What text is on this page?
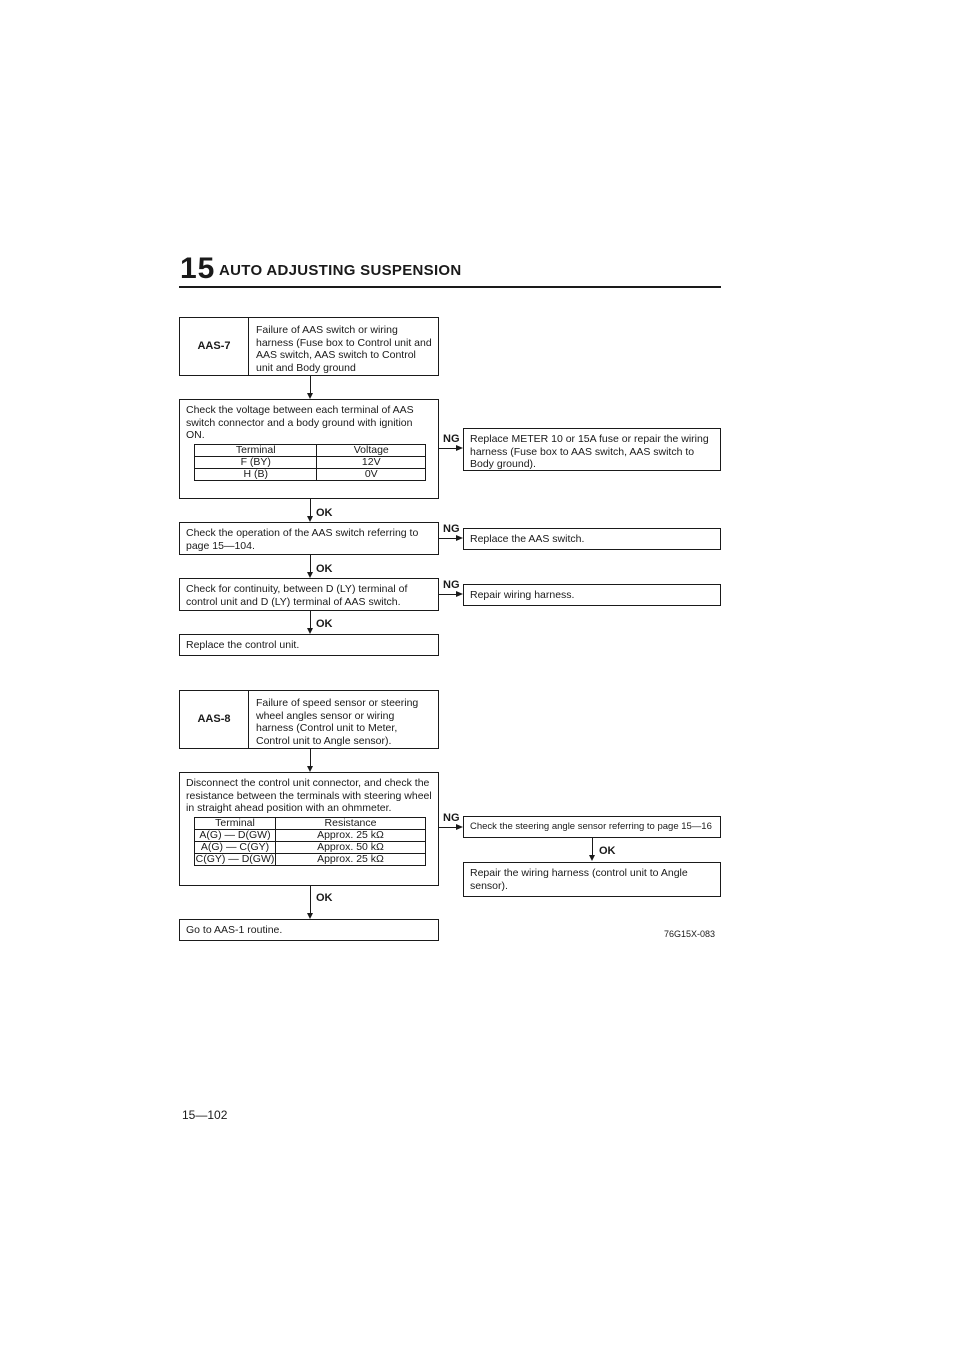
15 AUTO ADJUSTING SUSPENSION
AAS-7
Failure of AAS switch or wiring harness (Fuse box to Control unit and AAS switch, AAS switch to Control unit and Body ground
Check the voltage between each terminal of AAS switch connector and a body ground with ignition ON.
Terminal	Voltage
F (BY)	12V
H (B)	0V
NG Replace METER 10 or 15A fuse or repair the wiring harness (Fuse box to AAS switch, AAS switch to Body ground).
OK
Check the operation of the AAS switch referring to page 15—104.
NG
Replace the AAS switch.
OK
Check for continuity, between D (LY) terminal of control unit and D (LY) terminal of AAS switch.
NG
Repair wiring harness.
OK
Replace the control unit.
AAS-8
Failure of speed sensor or steering wheel angles sensor or wiring harness (Control unit to Meter, Control unit to Angle sensor).
Disconnect the control unit connector, and check the resistance between the terminals with steering wheel in straight ahead position with an ohmmeter.
Terminal	Resistance
A(G) — D(GW)	Approx. 25 kΩ
A(G) — C(GY)	Approx. 50 kΩ
C(GY) — D(GW)	Approx. 25 kΩ
NG
Check the steering angle sensor referring to page 15—16
OK
Repair the wiring harness (control unit to Angle sensor).
OK
Go to AAS-1 routine.	76G15X-083
15—102
